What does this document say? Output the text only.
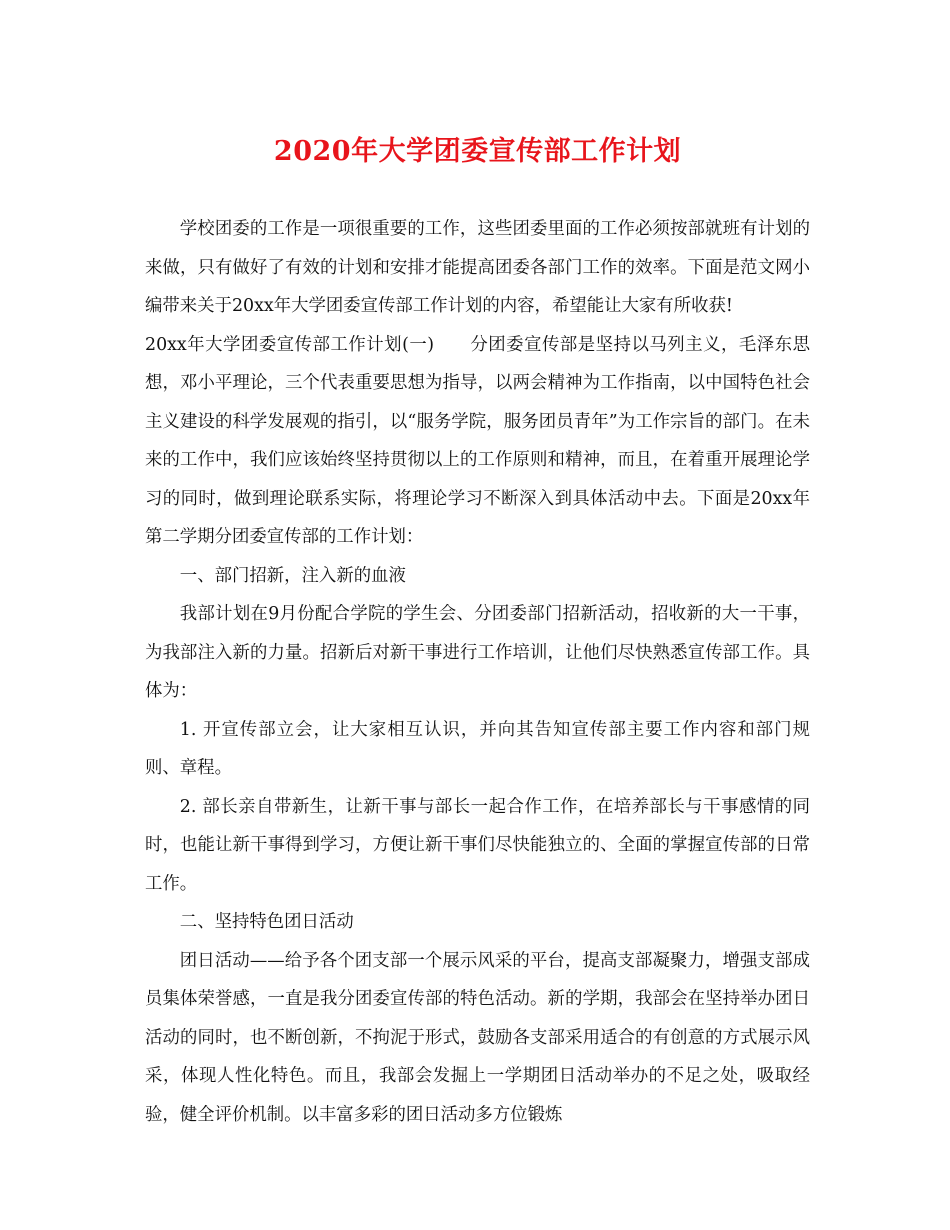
2020年大学团委宣传部工作计划

学校团委的工作是一项很重要的工作，这些团委里面的工作必须按部就班有计划的来做，只有做好了有效的计划和安排才能提高团委各部门工作的效率。下面是范文网小编带来关于20xx年大学团委宣传部工作计划的内容，希望能让大家有所收获!

20xx年大学团委宣传部工作计划(一)　　分团委宣传部是坚持以马列主义，毛泽东思想，邓小平理论，三个代表重要思想为指导，以两会精神为工作指南，以中国特色社会主义建设的科学发展观的指引，以“服务学院，服务团员青年”为工作宗旨的部门。在未来的工作中，我们应该始终坚持贯彻以上的工作原则和精神，而且，在着重开展理论学习的同时，做到理论联系实际，将理论学习不断深入到具体活动中去。下面是20xx年第二学期分团委宣传部的工作计划：

一、部门招新，注入新的血液

我部计划在9月份配合学院的学生会、分团委部门招新活动，招收新的大一干事，为我部注入新的力量。招新后对新干事进行工作培训，让他们尽快熟悉宣传部工作。具体为：

1. 开宣传部立会，让大家相互认识，并向其告知宣传部主要工作内容和部门规则、章程。

2. 部长亲自带新生，让新干事与部长一起合作工作，在培养部长与干事感情的同时，也能让新干事得到学习，方便让新干事们尽快能独立的、全面的掌握宣传部的日常工作。

二、坚持特色团日活动

团日活动——给予各个团支部一个展示风采的平台，提高支部凝聚力，增强支部成员集体荣誉感，一直是我分团委宣传部的特色活动。新的学期，我部会在坚持举办团日活动的同时，也不断创新，不拘泥于形式，鼓励各支部采用适合的有创意的方式展示风采，体现人性化特色。而且，我部会发掘上一学期团日活动举办的不足之处，吸取经验，健全评价机制。以丰富多彩的团日活动多方位锻炼
